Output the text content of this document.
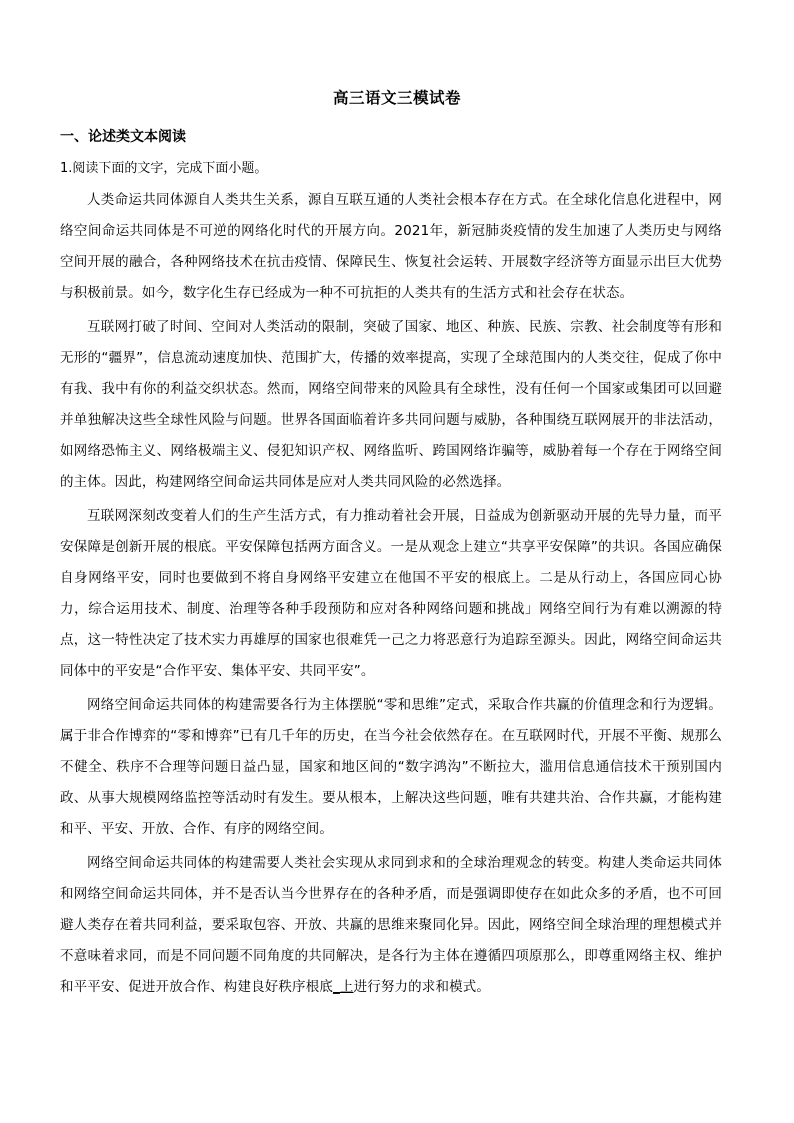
高三语文三模试卷
一、论述类文本阅读
1.阅读下面的文字，完成下面小题。

人类命运共同体源自人类共生关系，源自互联互通的人类社会根本存在方式。在全球化信息化进程中，网络空间命运共同体是不可逆的网络化时代的开展方向。2021年，新冠肺炎疫情的发生加速了人类历史与网络空间开展的融合，各种网络技术在抗击疫情、保障民生、恢复社会运转、开展数字经济等方面显示出巨大优势与积极前景。如今，数字化生存已经成为一种不可抗拒的人类共有的生活方式和社会存在状态。

互联网打破了时间、空间对人类活动的限制，突破了国家、地区、种族、民族、宗教、社会制度等有形和无形的“疆界”，信息流动速度加快、范围扩大，传播的效率提高，实现了全球范围内的人类交往，促成了你中有我、我中有你的利益交织状态。然而，网络空间带来的风险具有全球性，没有任何一个国家或集团可以回避并单独解决这些全球性风险与问题。世界各国面临着许多共同问题与威胁，各种围绕互联网展开的非法活动，如网络恐怖主义、网络极端主义、侵犯知识产权、网络监听、跨国网络诈骗等，威胁着每一个存在于网络空间的主体。因此，构建网络空间命运共同体是应对人类共同风险的必然选择。

互联网深刻改变着人们的生产生活方式，有力推动着社会开展，日益成为创新驱动开展的先导力量，而平安保障是创新开展的根底。平安保障包括两方面含义。一是从观念上建立“共享平安保障”的共识。各国应确保自身网络平安，同时也要做到不将自身网络平安建立在他国不平安的根底上。二是从行动上，各国应同心协力，综合运用技术、制度、治理等各种手段预防和应对各种网络问题和挑战」网络空间行为有难以溯源的特点，这一特性决定了技术实力再雄厚的国家也很难凭一己之力将恶意行为追踪至源头。因此，网络空间命运共同体中的平安是“合作平安、集体平安、共同平安”。

网络空间命运共同体的构建需要各行为主体摆脱“零和思维”定式，采取合作共赢的价值理念和行为逻辑。属于非合作博弈的“零和博弈”已有几千年的历史，在当今社会依然存在。在互联网时代，开展不平衡、规那么不健全、秩序不合理等问题日益凸显，国家和地区间的“数字鸿沟”不断拉大，滥用信息通信技术干预别国内政、从事大规模网络监控等活动时有发生。要从根本，上解决这些问题，唯有共建共治、合作共赢，才能构建和平、平安、开放、合作、有序的网络空间。

网络空间命运共同体的构建需要人类社会实现从求同到求和的全球治理观念的转变。构建人类命运共同体和网络空间命运共同体，并不是否认当今世界存在的各种矛盾，而是强调即使存在如此众多的矛盾，也不可回避人类存在着共同利益，要采取包容、开放、共赢的思维来聚同化异。因此，网络空间全球治理的理想模式并不意味着求同，而是不同问题不同角度的共同解决，是各行为主体在遵循四项原那么，即尊重网络主权、维护和平平安、促进开放合作、构建良好秩序根底_上进行努力的求和模式。
